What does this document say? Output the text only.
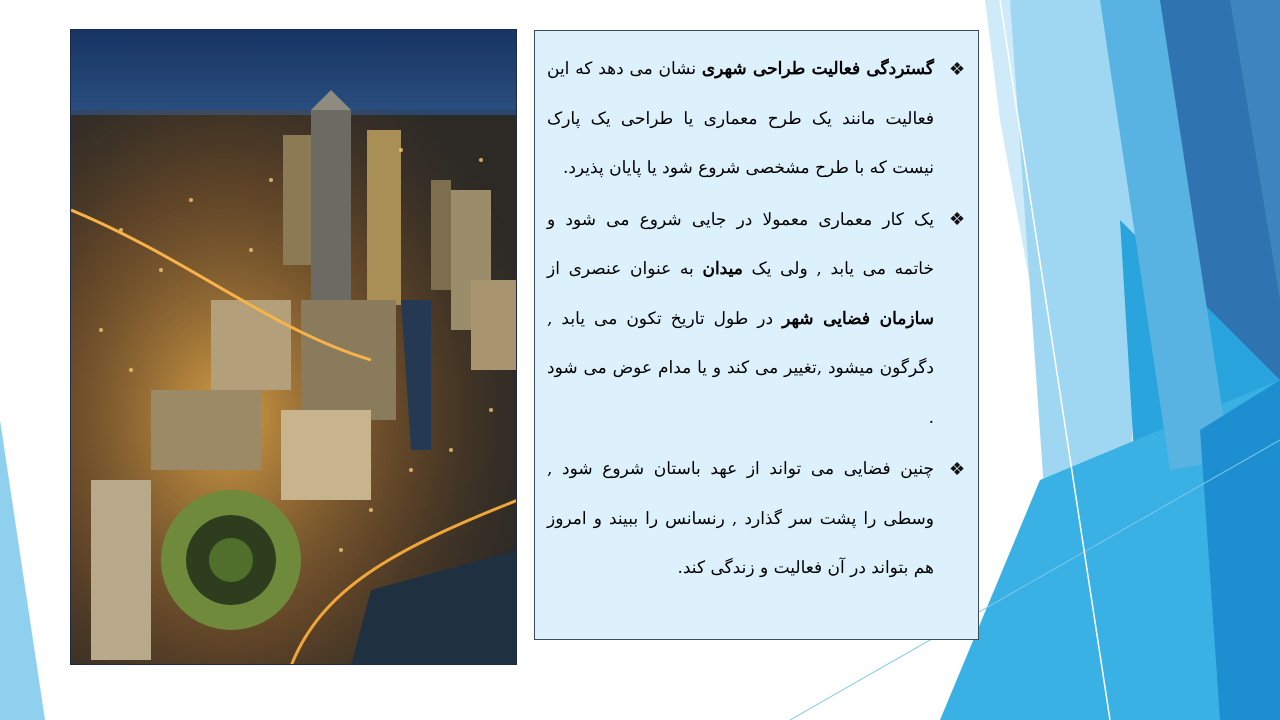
❖
گستردگی فعالیت طراحی شهری نشان می دهد که این فعالیت مانند یک طرح معماری یا طراحی یک پارک نیست که با طرح مشخصی شروع شود یا پایان پذیرد.

❖
یک کار معماری معمولا در جایی شروع می شود و خاتمه می یابد , ولی یک میدان به عنوان عنصری از سازمان فضایی شهر در طول تاریخ تکون می یابد , دگرگون میشود ,تغییر می کند و یا مدام عوض می شود .

❖
چنین فضایی می تواند از عهد باستان شروع شود , وسطی را پشت سر گذارد , رنسانس را ببیند و امروز هم بتواند در آن فعالیت و زندگی کند.
